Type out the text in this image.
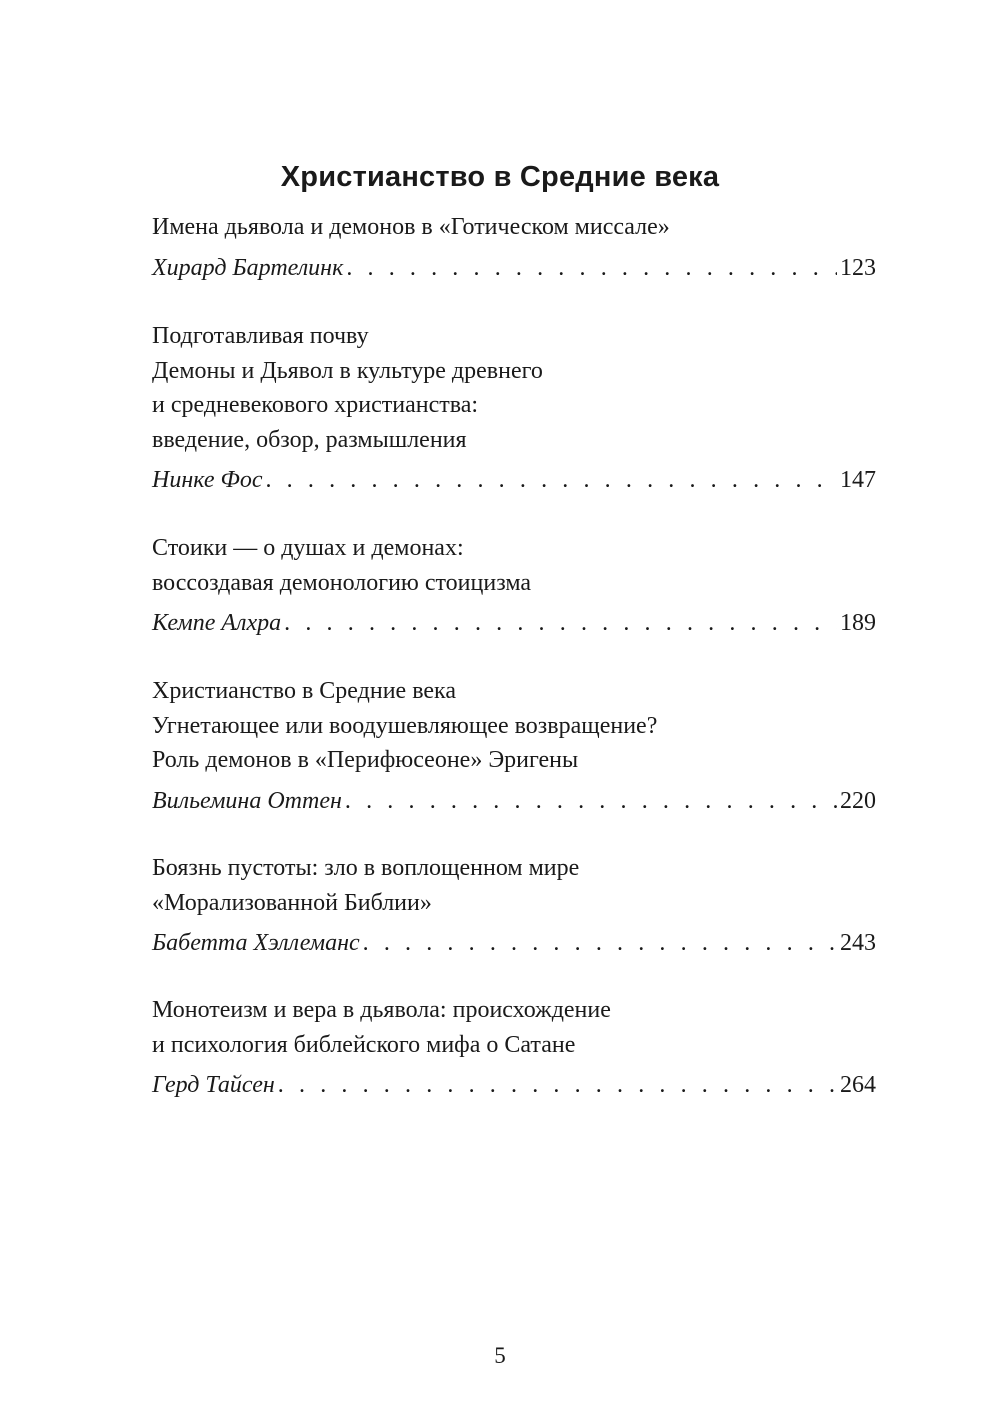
Христианство в Средние века
Имена дьявола и демонов в «Готическом миссале»
Хирард Бартелинк . . .	123
Подготавливая почву
Демоны и Дьявол в культуре древнего
и средневекового христианства:
введение, обзор, размышления
Нинке Фос . . .	147
Стоики — о душах и демонах:
воссоздавая демонологию стоицизма
Кемпе Алхра . . .	189
Христианство в Средние века
Угнетающее или воодушевляющее возвращение?
Роль демонов в «Перифюсеоне» Эригены
Вильемина Оттен . . .	220
Боязнь пустоты: зло в воплощенном мире
«Морализованной Библии»
Бабетта Хэллеманс . . .	243
Монотеизм и вера в дьявола: происхождение
и психология библейского мифа о Сатане
Герд Тайсен . . .	264
5
